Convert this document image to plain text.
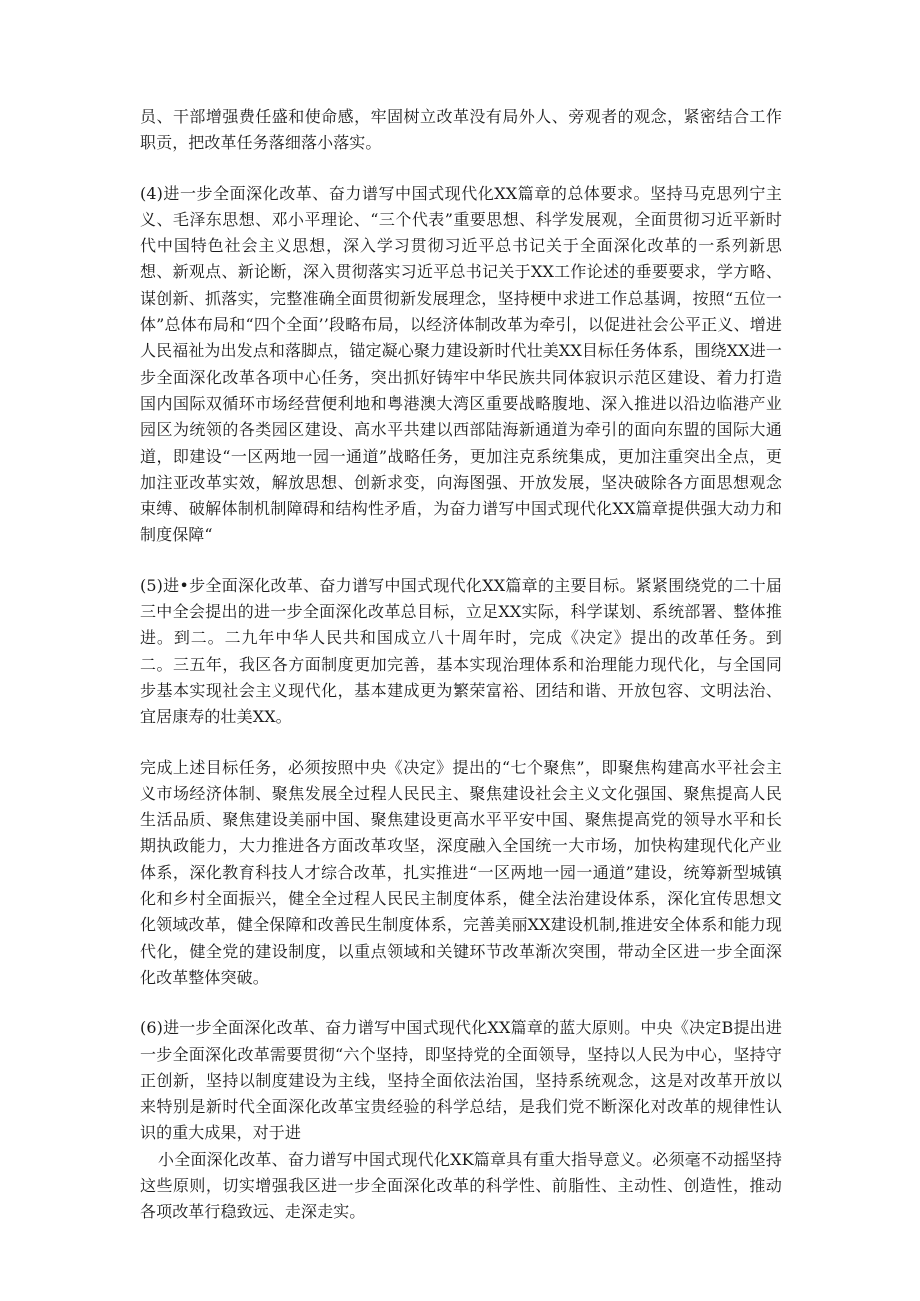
员、干部增强费任盛和使命感，牢固树立改革没有局外人、旁观者的观念，紧密结合工作职贡，把改革任务落细落小落实。

(4)进一步全面深化改革、奋力谱写中国式现代化XX篇章的总体要求。坚持马克思列宁主义、毛泽东思想、邓小平理论、“三个代表”重要思想、科学发展观，全面贯彻习近平新时代中国特色社会主义思想，深入学习贯彻习近平总书记关于全面深化改革的一系列新思想、新观点、新论断，深入贯彻落实习近平总书记关于XX工作论述的垂要要求，学方略、谋创新、抓落实，完整准确全面贯彻新发展理念，坚持梗中求进工作总基调，按照“五位一体”总体布局和“四个全面’’段略布局，以经济体制改革为牵引，以促进社会公平正义、增进人民福祉为出发点和落脚点，锚定凝心聚力建设新时代壮美XX目标任务体系，围绕XX进一步全面深化改革各项中心任务，突出抓好铸牢中华民族共同体寂识示范区建设、着力打造国内国际双循环市场经营便利地和粤港澳大湾区重要战略腹地、深入推进以沿边临港产业园区为统领的各类园区建设、高水平共建以西部陆海新通道为牵引的面向东盟的国际大通道，即建设“一区两地一园一通道”战略任务，更加注克系统集成，更加注重突出全点，更加注亚改革实效，解放思想、创新求变，向海图强、开放发展，坚决破除各方面思想观念束缚、破解体制机制障碍和结构性矛盾，为奋力谱写中国式现代化XX篇章提供强大动力和制度保障“

(5)进•步全面深化改革、奋力谱写中国式现代化XX篇章的主要目标。紧紧围绕党的二十届三中全会提出的进一步全面深化改革总目标，立足XX实际，科学谋划、系统部署、整体推进。到二。二九年中华人民共和国成立八十周年时，完成《决定》提出的改革任务。到二。三五年，我区各方面制度更加完善，基本实现治理体系和治理能力现代化，与全国同步基本实现社会主义现代化，基本建成更为繁荣富裕、团结和谐、开放包容、文明法治、宜居康寿的壮美XX。

完成上述目标任务，必须按照中央《决定》提出的“七个聚焦”，即聚焦构建高水平社会主义市场经济体制、聚焦发展全过程人民民主、聚焦建设社会主义文化强国、聚焦提高人民生活品质、聚焦建设美丽中国、聚焦建设更高水平平安中国、聚焦提高党的领导水平和长期执政能力，大力推进各方面改革攻坚，深度融入全国统一大市场，加快构建现代化产业体系，深化教育科技人才综合改革，扎实推进“一区两地一园一通道”建设，统筹新型城镇化和乡村全面振兴，健全全过程人民民主制度体系，健全法治建设体系，深化宜传思想文化领域改革，健全保障和改善民生制度体系，完善美丽XX建设机制,推进安全体系和能力现代化，健全党的建设制度，以重点领域和关键环节改革渐次突围，带动全区进一步全面深化改革整体突破。

(6)进一步全面深化改革、奋力谱写中国式现代化XX篇章的蓝大原则。中央《决定B提出进一步全面深化改革需要贯彻“六个坚持，即坚持党的全面领导，坚持以人民为中心，坚持守正创新，坚持以制度建设为主线，坚持全面依法治国，坚持系统观念，这是对改革开放以来特别是新时代全面深化改革宝贵经验的科学总结，是我们党不断深化对改革的规律性认识的重大成果，对于进

小全面深化改革、奋力谱写中国式现代化XK篇章具有重大指导意义。必须毫不动摇坚持这些原则，切实增强我区进一步全面深化改革的科学性、前脂性、主动性、创造性，推动各项改革行稳致远、走深走实。
